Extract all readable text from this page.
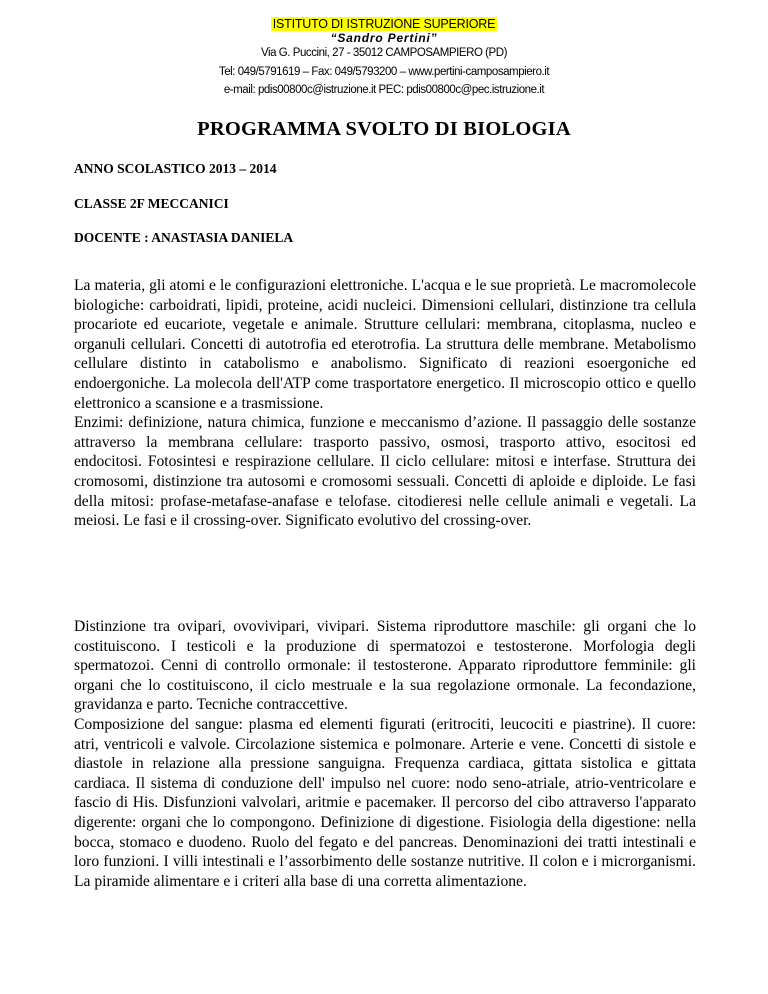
ISTITUTO DI ISTRUZIONE SUPERIORE
“Sandro Pertini”
Via G. Puccini, 27 - 35012 CAMPOSAMPIERO (PD)
Tel: 049/5791619 – Fax: 049/5793200 – www.pertini-camposampiero.it
e-mail: pdis00800c@istruzione.it PEC: pdis00800c@pec.istruzione.it
PROGRAMMA SVOLTO DI BIOLOGIA
ANNO SCOLASTICO 2013 – 2014
CLASSE 2F MECCANICI
DOCENTE : ANASTASIA DANIELA
La materia, gli atomi e le configurazioni elettroniche. L'acqua e le sue proprietà. Le macromolecole biologiche: carboidrati, lipidi, proteine, acidi nucleici. Dimensioni cellulari, distinzione tra cellula procariote ed eucariote, vegetale e animale. Strutture cellulari: membrana, citoplasma, nucleo e organuli cellulari. Concetti di autotrofia ed eterotrofia. La struttura delle membrane. Metabolismo cellulare distinto in catabolismo e anabolismo. Significato di reazioni esoergoniche ed endoergoniche. La molecola dell'ATP come trasportatore energetico. Il microscopio ottico e quello elettronico a scansione e a trasmissione.
Enzimi: definizione, natura chimica, funzione e meccanismo d’azione. Il passaggio delle sostanze attraverso la membrana cellulare: trasporto passivo, osmosi, trasporto attivo, esocitosi ed endocitosi. Fotosintesi e respirazione cellulare. Il ciclo cellulare: mitosi e interfase. Struttura dei cromosomi, distinzione tra autosomi e cromosomi sessuali. Concetti di aploide e diploide. Le fasi della mitosi: profase-metafase-anafase e telofase. citodieresi nelle cellule animali e vegetali. La meiosi. Le fasi e il crossing-over. Significato evolutivo del crossing-over.
Distinzione tra ovipari, ovovivipari, vivipari. Sistema riproduttore maschile: gli organi che lo costituiscono. I testicoli e la produzione di spermatozoi e testosterone. Morfologia degli spermatozoi. Cenni di controllo ormonale: il testosterone. Apparato riproduttore femminile: gli organi che lo costituiscono, il ciclo mestruale e la sua regolazione ormonale. La fecondazione, gravidanza e parto. Tecniche contraccettive.
Composizione del sangue: plasma ed elementi figurati (eritrociti, leucociti e piastrine). Il cuore: atri, ventricoli e valvole. Circolazione sistemica e polmonare. Arterie e vene. Concetti di sistole e diastole in relazione alla pressione sanguigna. Frequenza cardiaca, gittata sistolica e gittata cardiaca. Il sistema di conduzione dell' impulso nel cuore: nodo seno-atriale, atrio-ventricolare e fascio di His. Disfunzioni valvolari, aritmie e pacemaker. Il percorso del cibo attraverso l'apparato digerente: organi che lo compongono. Definizione di digestione. Fisiologia della digestione: nella bocca, stomaco e duodeno. Ruolo del fegato e del pancreas. Denominazioni dei tratti intestinali e loro funzioni. I villi intestinali e l’assorbimento delle sostanze nutritive. Il colon e i microrganismi. La piramide alimentare e i criteri alla base di una corretta alimentazione.
